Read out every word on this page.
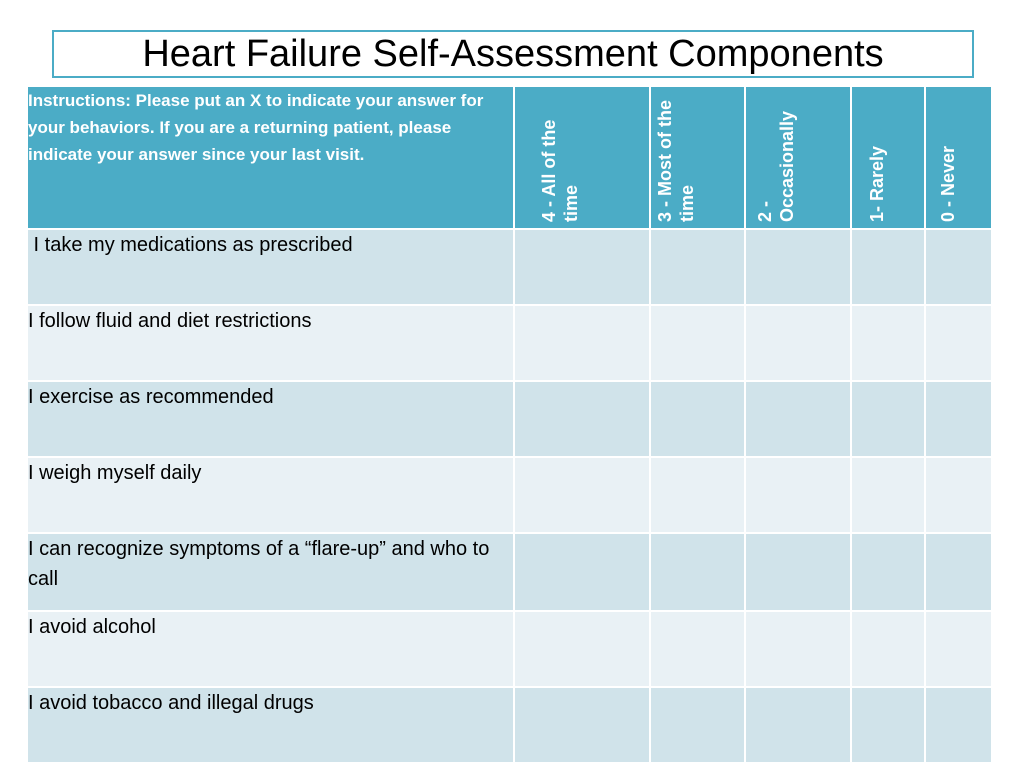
Heart Failure Self-Assessment Components
Instructions: Please put an X to indicate your answer for your behaviors. If you are a returning patient, please indicate your answer since your last visit.	4 - All of the time	3 - Most of the time	2 - Occasionally	1- Rarely	0 - Never

I take my medications as prescribed					
I follow fluid and diet restrictions					
I exercise as recommended					
I weigh myself daily					
I can recognize symptoms of a “flare-up” and who to call					
I avoid alcohol					
I avoid tobacco and illegal drugs					
